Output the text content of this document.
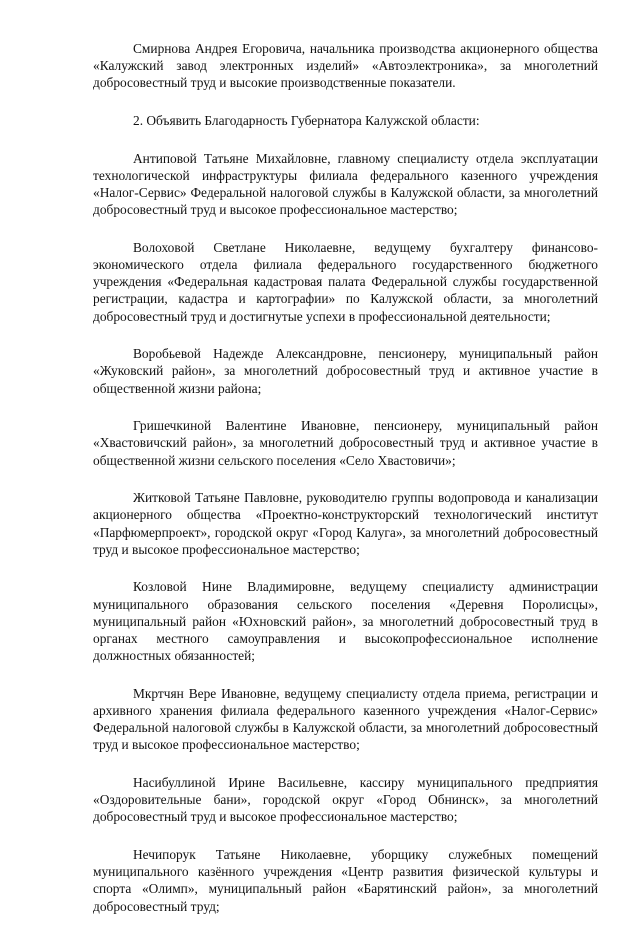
Смирнова Андрея Егоровича, начальника производства акционерного общества «Калужский завод электронных изделий» «Автоэлектроника», за многолетний добросовестный труд и высокие производственные показатели.

2. Объявить Благодарность Губернатора Калужской области:

Антиповой Татьяне Михайловне, главному специалисту отдела эксплуатации технологической инфраструктуры филиала федерального казенного учреждения «Налог-Сервис» Федеральной налоговой службы в Калужской области, за многолетний добросовестный труд и высокое профессиональное мастерство;

Волоховой Светлане Николаевне, ведущему бухгалтеру финансово-экономического отдела филиала федерального государственного бюджетного учреждения «Федеральная кадастровая палата Федеральной службы государственной регистрации, кадастра и картографии» по Калужской области, за многолетний добросовестный труд и достигнутые успехи в профессиональной деятельности;

Воробьевой Надежде Александровне, пенсионеру, муниципальный район «Жуковский район», за многолетний добросовестный труд и активное участие в общественной жизни района;

Гришечкиной Валентине Ивановне, пенсионеру, муниципальный район «Хвастовичский район», за многолетний добросовестный труд и активное участие в общественной жизни сельского поселения «Село Хвастовичи»;

Житковой Татьяне Павловне, руководителю группы водопровода и канализации акционерного общества «Проектно-конструкторский технологический институт «Парфюмерпроект», городской округ «Город Калуга», за многолетний добросовестный труд и высокое профессиональное мастерство;

Козловой Нине Владимировне, ведущему специалисту администрации муниципального образования сельского поселения «Деревня Поролисцы», муниципальный район «Юхновский район», за многолетний добросовестный труд в органах местного самоуправления и высокопрофессиональное исполнение должностных обязанностей;

Мкртчян Вере Ивановне, ведущему специалисту отдела приема, регистрации и архивного хранения филиала федерального казенного учреждения «Налог-Сервис» Федеральной налоговой службы в Калужской области, за многолетний добросовестный труд и высокое профессиональное мастерство;

Насибуллиной Ирине Васильевне, кассиру муниципального предприятия «Оздоровительные бани», городской округ «Город Обнинск», за многолетний добросовестный труд и высокое профессиональное мастерство;

Нечипорук Татьяне Николаевне, уборщику служебных помещений муниципального казённого учреждения «Центр развития физической культуры и спорта «Олимп», муниципальный район «Барятинский район», за многолетний добросовестный труд;
